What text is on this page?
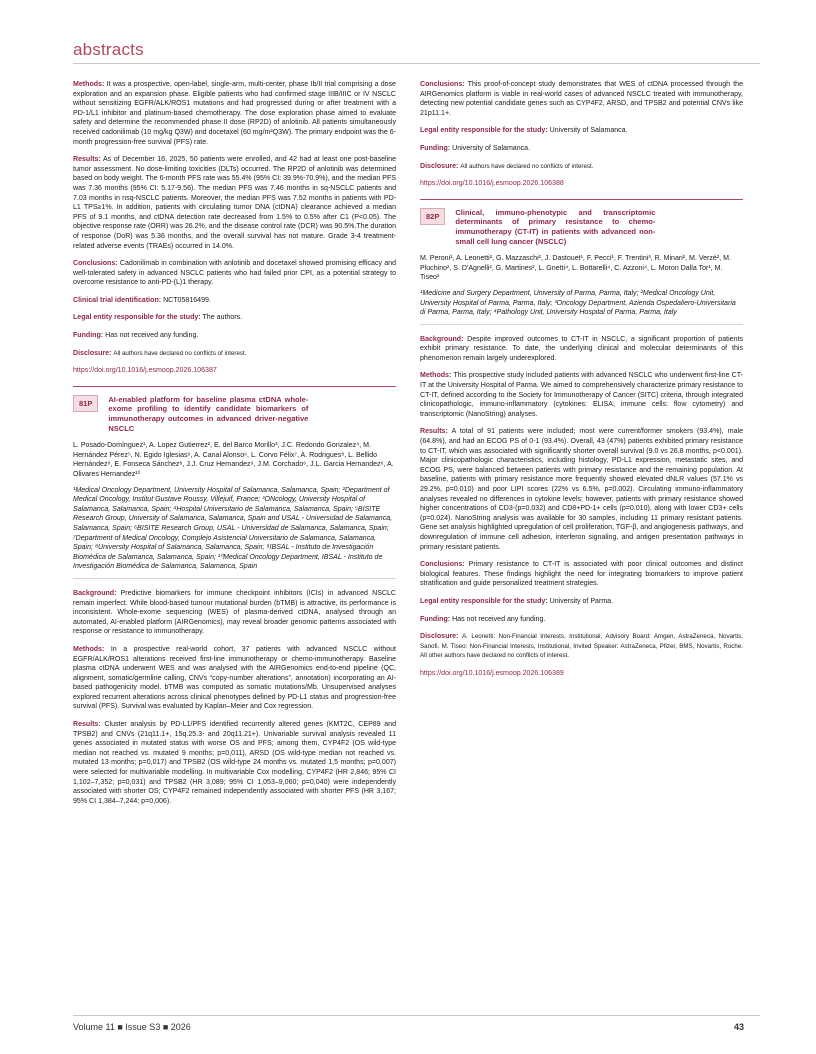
abstracts

Methods: It was a prospective, open-label, single-arm, multi-center, phase Ib/II trial comprising a dose exploration and an expansion phase. Eligible patients who had confirmed stage IIIB/IIIC or IV NSCLC without sensitizing EGFR/ALK/ROS1 mutations and had progressed during or after treatment with a PD-1/L1 inhibitor and platinum-based chemotherapy. The dose exploration phase aimed to evaluate safety and determine the recommended phase II dose (RP2D) of anlotinib. All patients simultaneously received cadonilimab (10 mg/kg Q3W) and docetaxel (60 mg/m²Q3W). The primary endpoint was the 6-month progression-free survival (PFS) rate.

Results: As of December 16, 2025, 50 patients were enrolled, and 42 had at least one post-baseline tumor assessment. No dose-limiting toxicities (DLTs) occurred. The RP2D of anlotinib was determined based on body weight. The 6-month PFS rate was 55.4% (95% CI: 39.9%-70.9%), and the median PFS was 7.36 months (95% CI: 5.17-9.56). The median PFS was 7.46 months in sq-NSCLC patients and 7.03 months in nsq-NSCLC patients. Moreover, the median PFS was 7.52 months in patients with PD-L1 TPS≥1%. In addition, patients with circulating tumor DNA (ctDNA) clearance achieved a median PFS of 9.1 months, and ctDNA detection rate decreased from 1.5% to 0.5% after C1 (P<0.05). The objective response rate (ORR) was 26.2%, and the disease control rate (DCR) was 90.5%.The duration of response (DoR) was 5.36 months, and the overall survival has not mature. Grade 3-4 treatment-related adverse events (TRAEs) occurred in 14.0%.

Conclusions: Cadonilimab in combination with anlotinib and docetaxel showed promising efficacy and well-tolerated safety in advanced NSCLC patients who had failed prior CPI, as a potential strategy to overcome resistance to anti-PD-(L)1 therapy.

Clinical trial identification: NCT05816499.

Legal entity responsible for the study: The authors.

Funding: Has not received any funding.

Disclosure: All authors have declared no conflicts of interest.

https://doi.org/10.1016/j.esmoop.2026.106387

81P	AI-enabled platform for baseline plasma ctDNA whole-exome profiling to identify candidate biomarkers of immunotherapy outcomes in advanced driver-negative NSCLC

L. Posado-Domínguez¹, A. Lopez Gutierrez², E. del Barco Morillo³, J.C. Redondo Gonzalez⁴, M. Hernández Pérez⁵, N. Egido Iglesias⁶, A. Canal Alonso⁶, L. Corvo Félix⁷, A. Rodrigues⁸, L. Bellido Hernández⁹, E. Fonseca Sánchez⁸, J.J. Cruz Hernandez⁹, J.M. Corchado⁶, J.L. Garcia Hernandez⁶, A. Olivares Hernandez¹⁰

¹Medical Oncology Department, University Hospital of Salamanca, Salamanca, Spain; ²Department of Medical Oncology, Institut Gustave Roussy, Villejuif, France; ³ONcology, University Hospital of Salamanca, Salamanca, Spain; ⁴Hospital Universitario de Salamanca, Salamanca, Spain; ⁵BISITE Research Group, University of Salamanca, Salamanca, Spain and USAL - Universidad de Salamanca, Salamanca, Spain; ⁶BISITE Research Group, USAL - Universidad de Salamanca, Salamanca, Spain; ⁷Department of Medical Oncology, Complejo Asistencial Universitario de Salamanca, Salamanca, Spain; ⁸University Hospital of Salamanca, Salamanca, Spain; ⁹IBSAL - Instituto de Investigación Biomédica de Salamanca, Salamanca, Spain; ¹⁰Medical Oncology Department, IBSAL - Instituto de Investigación Biomédica de Salamanca, Salamanca, Spain

Background: Predictive biomarkers for immune checkpoint inhibitors (ICIs) in advanced NSCLC remain imperfect. While blood-based tumour mutational burden (bTMB) is attractive, its performance is inconsistent. Whole-exome sequencing (WES) of plasma-derived ctDNA, analysed through an automated, AI-enabled platform (AIRGenomics), may reveal broader genomic patterns associated with response or resistance to immunotherapy.

Methods: In a prospective real-world cohort, 37 patients with advanced NSCLC without EGFR/ALK/ROS1 alterations received first-line immunotherapy or chemo-immunotherapy. Baseline plasma ctDNA underwent WES and was analysed with the AIRGenomics end-to-end pipeline (QC, alignment, somatic/germline calling, CNVs “copy-number alterations”, annotation) incorporating an AI-based pathogenicity model. bTMB was computed as somatic mutations/Mb. Unsupervised analyses explored recurrent alterations across clinical phenotypes defined by PD-L1 status and progression-free survival (PFS). Survival was evaluated by Kaplan–Meier and Cox regression.

Results: Cluster analysis by PD-L1/PFS identified recurrently altered genes (KMT2C, CEP89 and TPSB2) and CNVs (21q11.1+, 15q.25.3- and 20q11.21+). Univariable survival analysis revealed 11 genes associated in mutated status with worse OS and PFS; among them, CYP4F2 (OS wild-type median not reached vs. mutated 9 months; p=0,011), ARSD (OS wild-type median not reached vs. mutated 13 months; p=0,017) and TPSB2 (OS wild-type 24 months vs. mutated 1,5 months; p=0,007) were selected for multivariable modelling. In multivariable Cox modelling, CYP4F2 (HR 2,846; 95% CI 1,102–7,352; p=0,031) and TPSB2 (HR 3,089; 95% CI 1,053–9,060; p=0,040) were independently associated with shorter OS; CYP4F2 remained independently associated with shorter PFS (HR 3,167; 95% CI 1,384–7,244; p=0,006).

Conclusions: This proof-of-concept study demonstrates that WES of ctDNA processed through the AIRGenomics platform is viable in real-world cases of advanced NSCLC treated with immunotherapy, detecting new potential candidate genes such as CYP4F2, ARSD, and TPSB2 and potential CNVs like 21p11.1+.

Legal entity responsible for the study: University of Salamanca.

Funding: University of Salamanca.

Disclosure: All authors have declared no conflicts of interest.

https://doi.org/10.1016/j.esmoop.2026.106388

82P	Clinical, immuno-phenotypic and transcriptomic determinants of primary resistance to chemo-immunotherapy (CT-IT) in patients with advanced non-small cell lung cancer (NSCLC)

M. Peroni¹, A. Leonetti², G. Mazzaschi², J. Dastouet¹, F. Pecci¹, F. Trentini³, R. Minari², M. Verzè², M. Pluchino², S. D'Agnelli², G. Martines², L. Gnetti⁴, L. Bottarelli⁴, C. Azzoni⁴, L. Moron Dalla Tor¹, M. Tiseo²

¹Medicine and Surgery Department, University of Parma, Parma, Italy; ²Medical Oncology Unit, University Hospital of Parma, Parma, Italy; ³Oncology Department, Azienda Ospedaliero-Universitaria di Parma, Parma, Italy; ⁴Pathology Unit, University Hospital of Parma, Parma, Italy

Background: Despite improved outcomes to CT-IT in NSCLC, a significant proportion of patients exhibit primary resistance. To date, the underlying clinical and molecular determinants of this phenomenon remain largely underexplored.

Methods: This prospective study included patients with advanced NSCLC who underwent first-line CT-IT at the University Hospital of Parma. We aimed to comprehensively characterize primary resistance to CT-IT, defined according to the Society for Immunotherapy of Cancer (SITC) criteria, through integrated clinicopathologic, immuno-inflammatory (cytokines: ELISA; immune cells: flow cytometry) and transcriptomic (NanoString) analyses.

Results: A total of 91 patients were included; most were current/former smokers (93.4%), male (64.8%), and had an ECOG PS of 0-1 (93.4%). Overall, 43 (47%) patients exhibited primary resistance to CT-IT, which was associated with significantly shorter overall survival (9.0 vs 26.8 months, p<0.001). Major clinicopathologic characteristics, including histology, PD-L1 expression, metastatic sites, and ECOG PS, were balanced between patients with primary resistance and the remaining population. At baseline, patients with primary resistance more frequently showed elevated dNLR values (57.1% vs 29.2%, p=0.010) and poor LIPI scores (22% vs 6.5%, p=0.002). Circulating immuno-inflammatory analyses revealed no differences in cytokine levels; however, patients with primary resistance showed higher concentrations of CD3-(p=0.032) and CD8+PD-1+ cells (p=0.010), along with lower CD3+ cells (p=0.024). NanoString analysis was available for 30 samples, including 11 primary resistant patients. Gene set analysis highlighted upregulation of cell proliferation, TGF-β, and angiogenesis pathways, and downregulation of immune cell adhesion, interferon signaling, and antigen presentation pathways in primary resistant patients.

Conclusions: Primary resistance to CT-IT is associated with poor clinical outcomes and distinct biological features. These findings highlight the need for integrating biomarkers to improve patient stratification and guide personalized treatment strategies.

Legal entity responsible for the study: University of Parma.

Funding: Has not received any funding.

Disclosure: A. Leonetti: Non-Financial Interests, Institutional, Advisory Board: Amgen, AstraZeneca, Novartis, Sanofi. M. Tiseo: Non-Financial Interests, Institutional, Invited Speaker: AstraZeneca, Pfizer, BMS, Novartis, Roche. All other authors have declared no conflicts of interest.

https://doi.org/10.1016/j.esmoop.2026.106389

Volume 11 ■ Issue S3 ■ 2026	43
